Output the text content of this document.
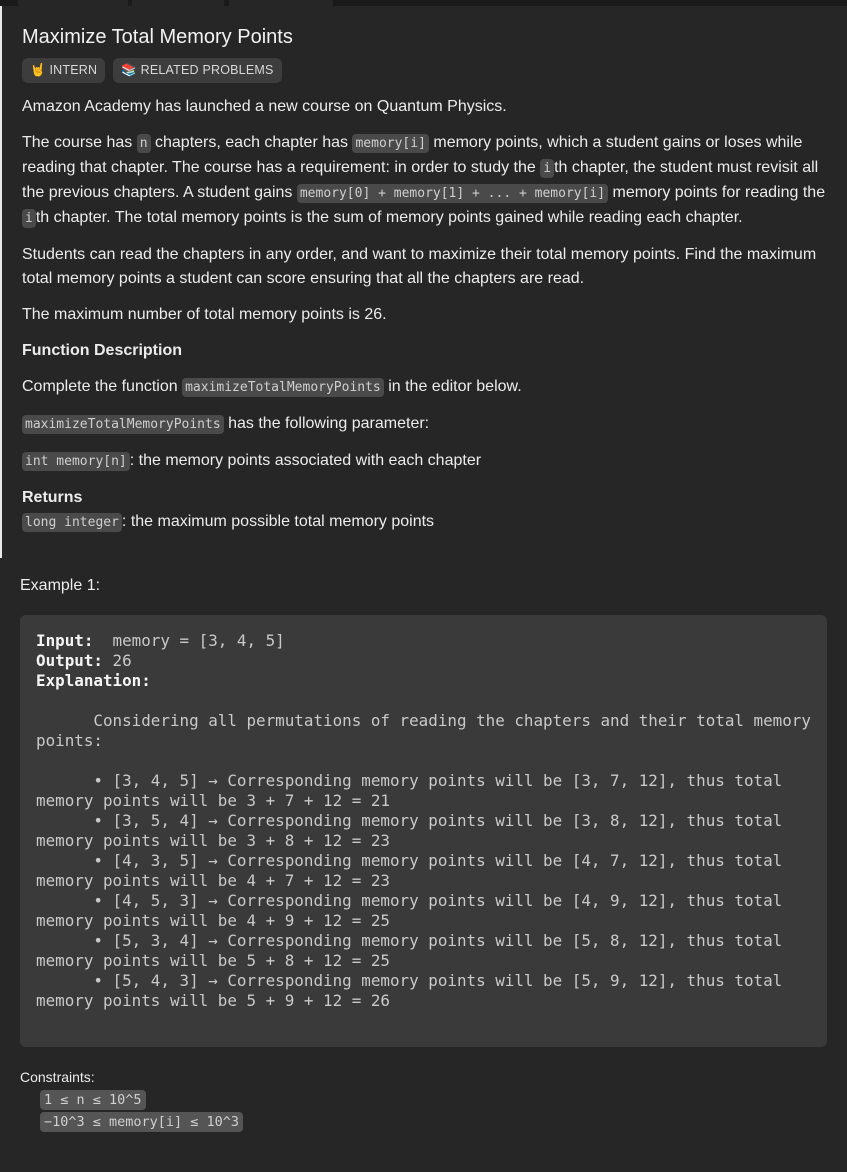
Maximize Total Memory Points
🤘 INTERN	📚 RELATED PROBLEMS

Amazon Academy has launched a new course on Quantum Physics.

The course has n chapters, each chapter has memory[i] memory points, which a student gains or loses while reading that chapter. The course has a requirement: in order to study the i th chapter, the student must revisit all the previous chapters. A student gains memory[0] + memory[1] + ... + memory[i] memory points for reading the i th chapter. The total memory points is the sum of memory points gained while reading each chapter.

Students can read the chapters in any order, and want to maximize their total memory points. Find the maximum total memory points a student can score ensuring that all the chapters are read.

The maximum number of total memory points is 26.

Function Description

Complete the function maximizeTotalMemoryPoints in the editor below.

maximizeTotalMemoryPoints has the following parameter:

int memory[n] : the memory points associated with each chapter

Returns

long integer : the maximum possible total memory points

Example 1:
Input:  memory = [3, 4, 5]
Output: 26
Explanation:

Considering all permutations of reading the chapters and their total memory
points:

• [3, 4, 5] → Corresponding memory points will be [3, 7, 12], thus total
memory points will be 3 + 7 + 12 = 21
• [3, 5, 4] → Corresponding memory points will be [3, 8, 12], thus total
memory points will be 3 + 8 + 12 = 23
• [4, 3, 5] → Corresponding memory points will be [4, 7, 12], thus total
memory points will be 4 + 7 + 12 = 23
• [4, 5, 3] → Corresponding memory points will be [4, 9, 12], thus total
memory points will be 4 + 9 + 12 = 25
• [5, 3, 4] → Corresponding memory points will be [5, 8, 12], thus total
memory points will be 5 + 8 + 12 = 25
• [5, 4, 3] → Corresponding memory points will be [5, 9, 12], thus total
memory points will be 5 + 9 + 12 = 26
Constraints:
1 ≤ n ≤ 10^5
−10^3 ≤ memory[i] ≤ 10^3
